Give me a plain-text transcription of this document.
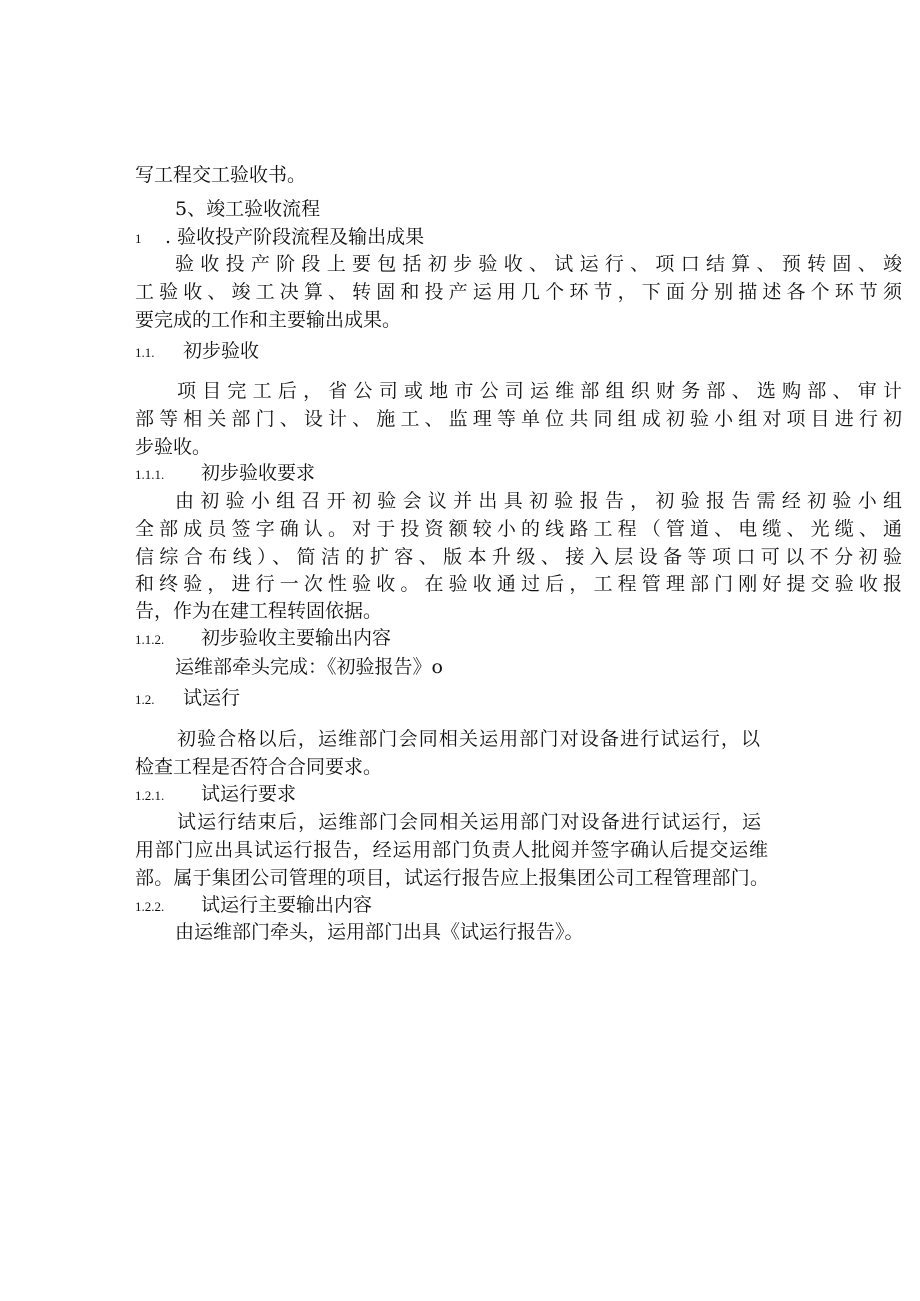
写工程交工验收书。
5、竣工验收流程
1 . 验收投产阶段流程及输出成果
验收投产阶段上要包括初步验收、试运行、项口结算、预转固、竣
工验收、竣工决算、转固和投产运用几个环节，下面分别描述各个环节须
要完成的工作和主要输出成果。
1.1. 初步验收
项目完工后，省公司或地市公司运维部组织财务部、选购部、审计
部等相关部门、设计、施工、监理等单位共同组成初验小组对项目进行初
步验收。
1.1.1. 初步验收要求
由初验小组召开初验会议并出具初验报告，初验报告需经初验小组
全部成员签字确认。对于投资额较小的线路工程（管道、电缆、光缆、通
信综合布线）、简洁的扩容、版本升级、接入层设备等项口可以不分初验
和终验，进行一次性验收。在验收通过后，工程管理部门刚好提交验收报
告，作为在建工程转固依据。
1.1.2. 初步验收主要输出内容
运维部牵头完成：《初验报告》o
1.2. 试运行
初验合格以后，运维部门会同相关运用部门对设备进行试运行，以
检查工程是否符合合同要求。
1.2.1. 试运行要求
试运行结束后，运维部门会同相关运用部门对设备进行试运行，运
用部门应出具试运行报告，经运用部门负责人批阅并签字确认后提交运维
部。属于集团公司管理的项目，试运行报告应上报集团公司工程管理部门。
1.2.2. 试运行主要输出内容
由运维部门牵头，运用部门出具《试运行报告》。
